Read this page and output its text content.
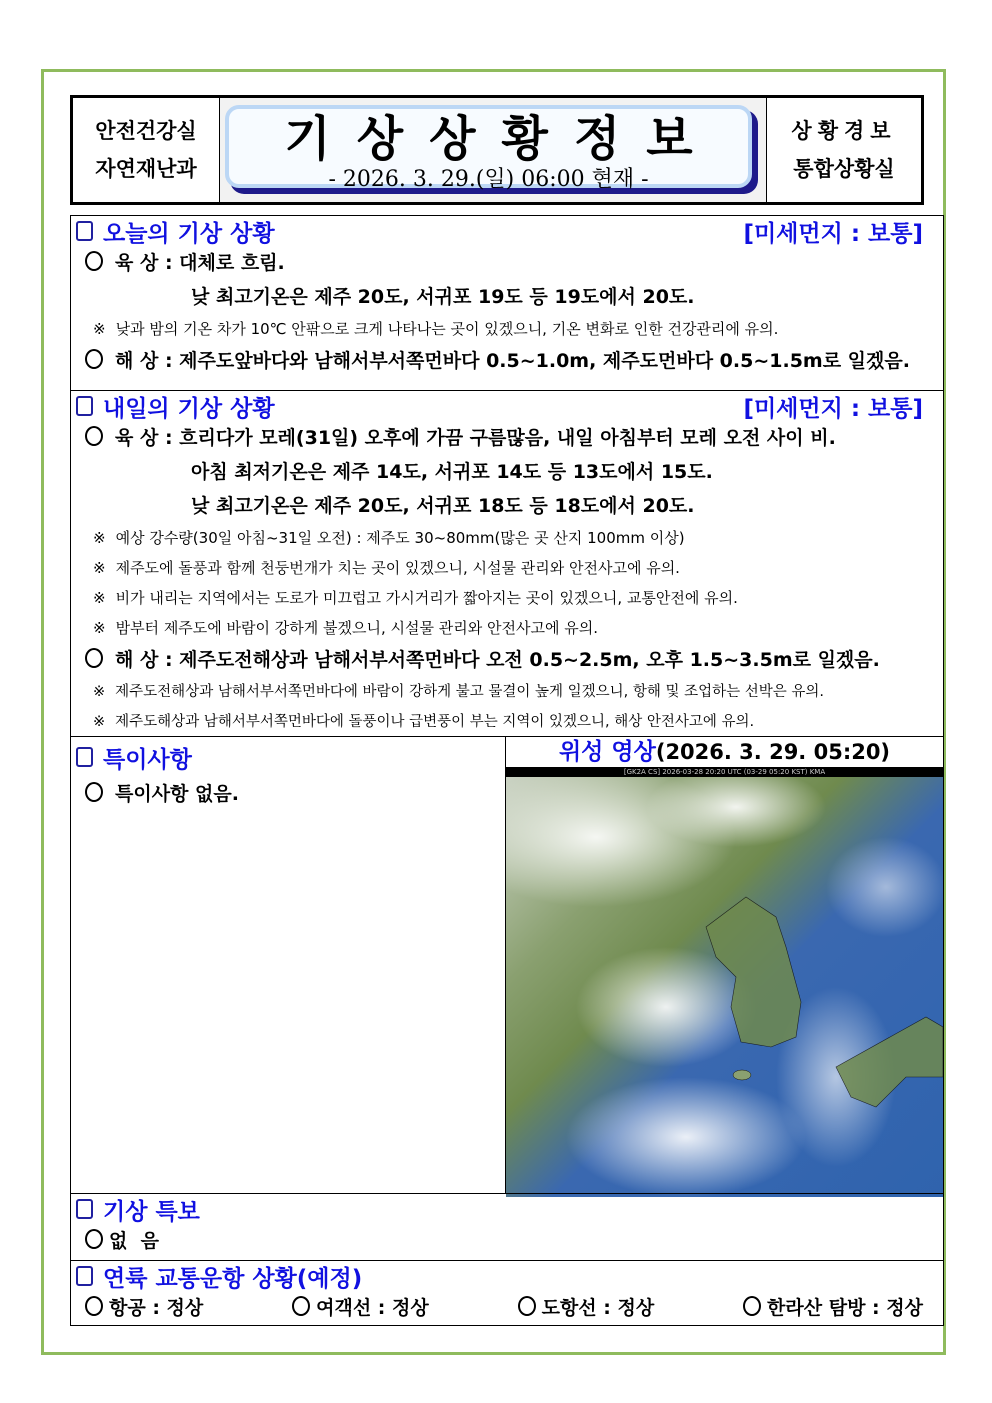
안전건강실
자연재난과
기상상황정보
- 2026. 3. 29.(일) 06:00 현재 -
상황경보
통합상황실
오늘의 기상 상황	[미세먼지 : 보통]
육 상 : 대체로 흐림.
낮 최고기온은 제주 20도, 서귀포 19도 등 19도에서 20도.
※ 낮과 밤의 기온 차가 10℃ 안팎으로 크게 나타나는 곳이 있겠으니, 기온 변화로 인한 건강관리에 유의.
해 상 : 제주도앞바다와 남해서부서쪽먼바다 0.5~1.0m, 제주도먼바다 0.5~1.5m로 일겠음.
내일의 기상 상황	[미세먼지 : 보통]
육 상 : 흐리다가 모레(31일) 오후에 가끔 구름많음, 내일 아침부터 모레 오전 사이 비.
아침 최저기온은 제주 14도, 서귀포 14도 등 13도에서 15도.
낮 최고기온은 제주 20도, 서귀포 18도 등 18도에서 20도.
※ 예상 강수량(30일 아침~31일 오전) : 제주도 30~80mm(많은 곳 산지 100mm 이상)
※ 제주도에 돌풍과 함께 천둥번개가 치는 곳이 있겠으니, 시설물 관리와 안전사고에 유의.
※ 비가 내리는 지역에서는 도로가 미끄럽고 가시거리가 짧아지는 곳이 있겠으니, 교통안전에 유의.
※ 밤부터 제주도에 바람이 강하게 불겠으니, 시설물 관리와 안전사고에 유의.
해 상 : 제주도전해상과 남해서부서쪽먼바다 오전 0.5~2.5m, 오후 1.5~3.5m로 일겠음.
※ 제주도전해상과 남해서부서쪽먼바다에 바람이 강하게 불고 물결이 높게 일겠으니, 항해 및 조업하는 선박은 유의.
※ 제주도해상과 남해서부서쪽먼바다에 돌풍이나 급변풍이 부는 지역이 있겠으니, 해상 안전사고에 유의.
특이사항
특이사항 없음.
위성 영상(2026. 3. 29. 05:20)
[GK2A CS] 2026-03-28 20:20 UTC (03-29 05:20 KST) KMA
기상 특보
없  음
연륙 교통운항 상황(예정)
항공 : 정상	여객선 : 정상	도항선 : 정상	한라산 탐방 : 정상
